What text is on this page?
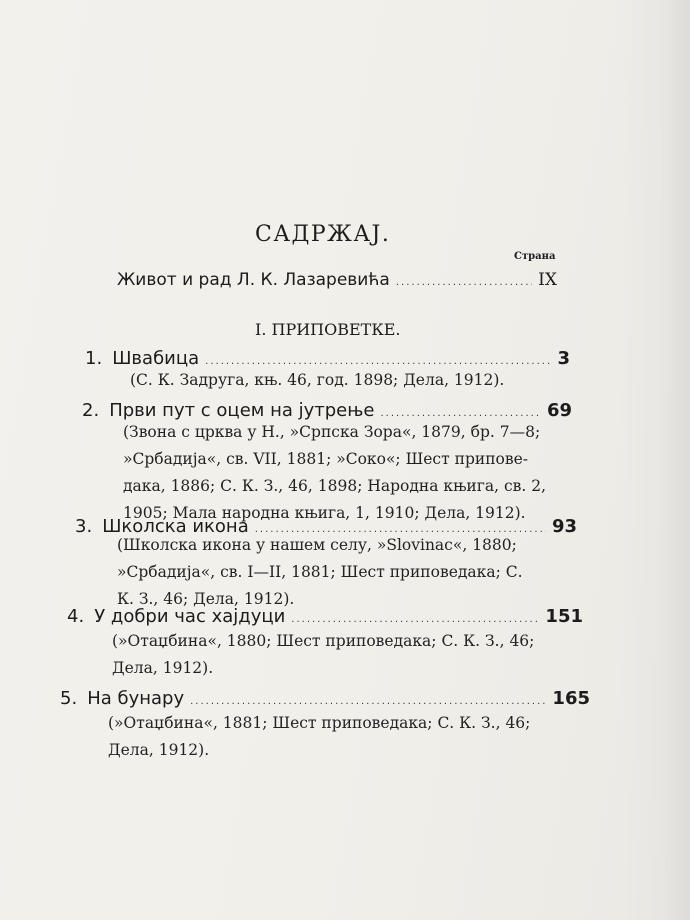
САДРЖАЈ.
Страна
Живот и рад Л. К. Лазаревића .....	IX
I. ПРИПОВЕТКЕ.
1. Швабица .....	3
(С. К. Задруга, књ. 46, год. 1898; Дела, 1912).
2. Први пут с оцем на јутрење .....	69
(Звона с црква у Н., »Српска Зора«, 1879, бр. 7—8;
»Србадија«, св. VII, 1881; »Соко«; Шест припове-
дака, 1886; С. К. З., 46, 1898; Народна књига, св. 2,
1905; Мала народна књига, 1, 1910; Дела, 1912).
3. Школска икона .....	93
(Школска икона у нашем селу, »Slovinac«, 1880;
»Србадија«, св. I—II, 1881; Шест приповедака; С.
К. З., 46; Дела, 1912).
4. У добри час хајдуци .....	151
(»Отаџбина«, 1880; Шест приповедака; С. К. З., 46;
Дела, 1912).
5. На бунару .....	165
(»Отаџбина«, 1881; Шест приповедака; С. К. З., 46;
Дела, 1912).
